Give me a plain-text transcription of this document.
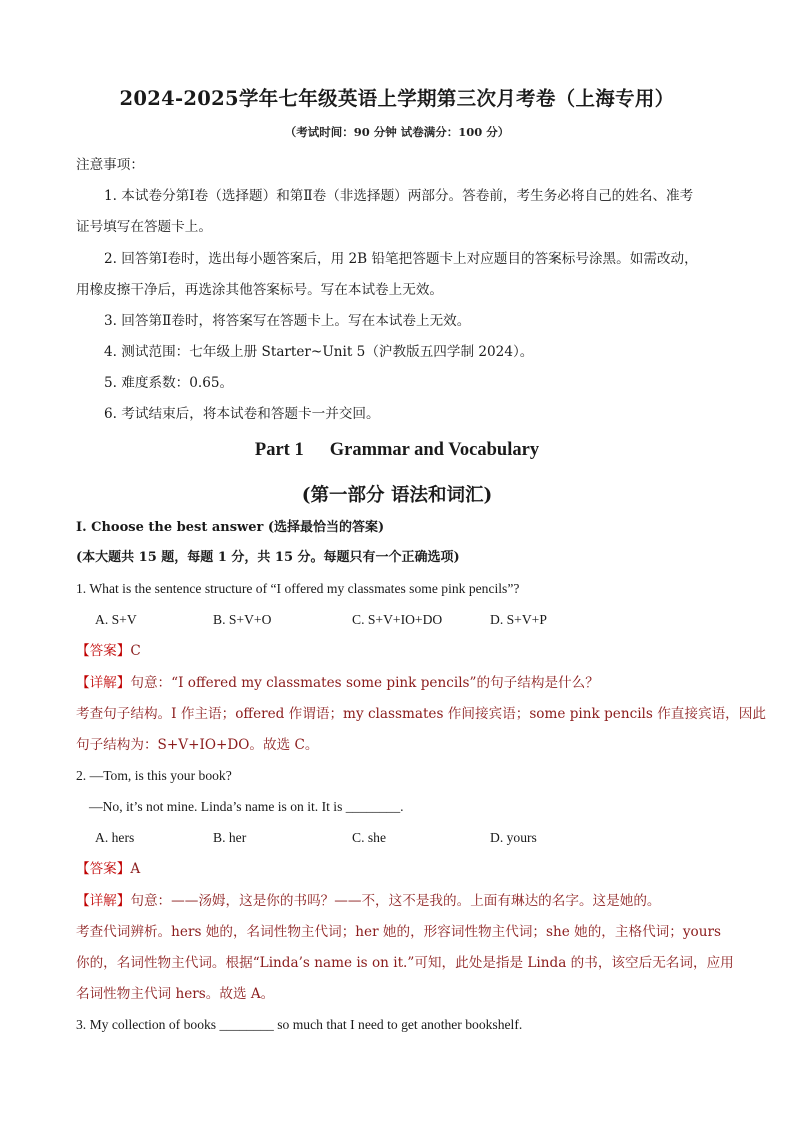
2024-2025学年七年级英语上学期第三次月考卷（上海专用）
（考试时间：90 分钟 试卷满分：100 分）
注意事项：
1. 本试卷分第Ⅰ卷（选择题）和第Ⅱ卷（非选择题）两部分。答卷前，考生务必将自己的姓名、准考
证号填写在答题卡上。
2. 回答第Ⅰ卷时，选出每小题答案后，用 2B 铅笔把答题卡上对应题目的答案标号涂黑。如需改动，
用橡皮擦干净后，再选涂其他答案标号。写在本试卷上无效。
3. 回答第Ⅱ卷时，将答案写在答题卡上。写在本试卷上无效。
4. 测试范围：七年级上册 Starter~Unit 5（沪教版五四学制 2024）。
5. 难度系数：0.65。
6. 考试结束后，将本试卷和答题卡一并交回。
Part 1 Grammar and Vocabulary
(第一部分 语法和词汇)
I. Choose the best answer (选择最恰当的答案)
(本大题共 15 题，每题 1 分，共 15 分。每题只有一个正确选项)
1. What is the sentence structure of “I offered my classmates some pink pencils”?
A. S+V	B. S+V+O	C. S+V+IO+DO	D. S+V+P
【答案】C
【详解】句意：“I offered my classmates some pink pencils”的句子结构是什么？
考查句子结构。I 作主语；offered 作谓语；my classmates 作间接宾语；some pink pencils 作直接宾语，因此
句子结构为：S+V+IO+DO。故选 C。
2. —Tom, is this your book?
—No, it’s not mine. Linda’s name is on it. It is ________.
A. hers	B. her	C. she	D. yours
【答案】A
【详解】句意：——汤姆，这是你的书吗？——不，这不是我的。上面有琳达的名字。这是她的。
考查代词辨析。hers 她的，名词性物主代词；her 她的，形容词性物主代词；she 她的，主格代词；yours
你的，名词性物主代词。根据“Linda’s name is on it.”可知，此处是指是 Linda 的书，该空后无名词，应用
名词性物主代词 hers。故选 A。
3. My collection of books ________ so much that I need to get another bookshelf.
